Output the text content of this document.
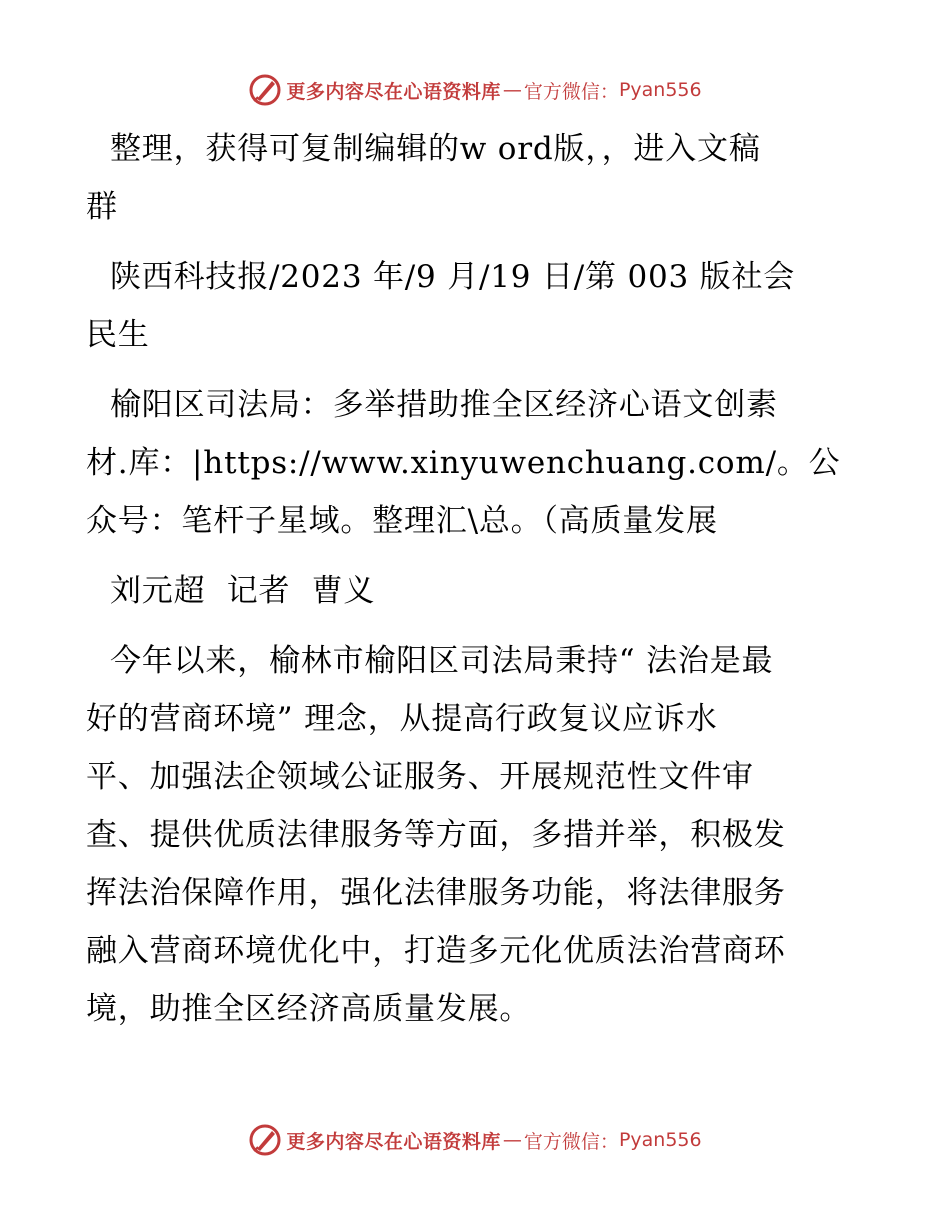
更多内容尽在心语资料库 — 官方微信： Pyan556

整理，获得可复制编辑的w ord版，，进入文稿
群

陕西科技报/2023 年/9 月/19 日/第 003 版社会
民生

榆阳区司法局：多举措助推全区经济心语文创素
材.库：|https://www.xinyuwenchuang.com/。公
众号：笔杆子星域。整理汇\总。（高质量发展

刘元超  记者  曹义

今年以来，榆林市榆阳区司法局秉持“ 法治是最
好的营商环境” 理念，从提高行政复议应诉水
平、加强法企领域公证服务、开展规范性文件审
查、提供优质法律服务等方面，多措并举，积极发
挥法治保障作用，强化法律服务功能，将法律服务
融入营商环境优化中，打造多元化优质法治营商环
境，助推全区经济高质量发展。

更多内容尽在心语资料库 — 官方微信： Pyan556
